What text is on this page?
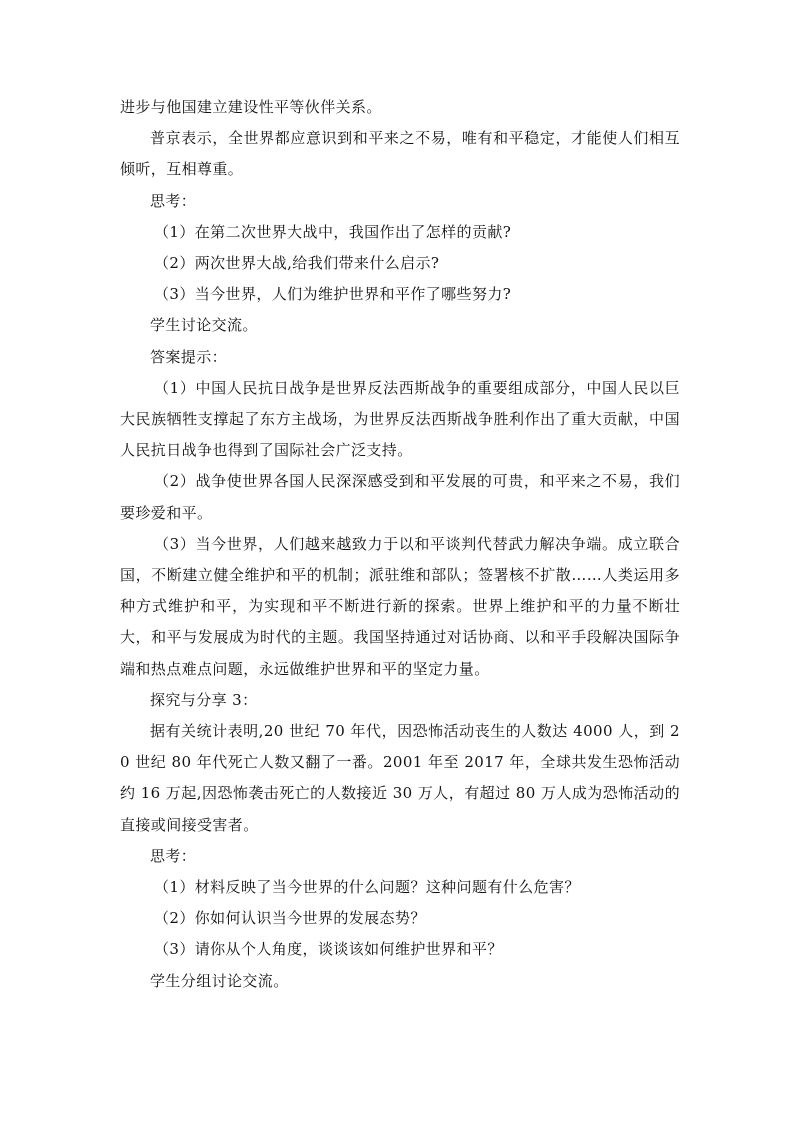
进步与他国建立建设性平等伙伴关系。

普京表示，全世界都应意识到和平来之不易，唯有和平稳定，才能使人们相互倾听，互相尊重。

思考：

（1）在第二次世界大战中，我国作出了怎样的贡献?

（2）两次世界大战,给我们带来什么启示?

（3）当今世界，人们为维护世界和平作了哪些努力?

学生讨论交流。

答案提示：

（1）中国人民抗日战争是世界反法西斯战争的重要组成部分，中国人民以巨大民族牺牲支撑起了东方主战场，为世界反法西斯战争胜利作出了重大贡献，中国人民抗日战争也得到了国际社会广泛支持。

（2）战争使世界各国人民深深感受到和平发展的可贵，和平来之不易，我们要珍爱和平。

（3）当今世界，人们越来越致力于以和平谈判代替武力解决争端。成立联合国，不断建立健全维护和平的机制；派驻维和部队；签署核不扩散……人类运用多种方式维护和平，为实现和平不断进行新的探索。世界上维护和平的力量不断壮大，和平与发展成为时代的主题。我国坚持通过对话协商、以和平手段解决国际争端和热点难点问题，永远做维护世界和平的坚定力量。

探究与分享 3：

据有关统计表明,20 世纪 70 年代，因恐怖活动丧生的人数达 4000 人，到 20 世纪 80 年代死亡人数又翻了一番。2001 年至 2017 年，全球共发生恐怖活动约 16 万起,因恐怖袭击死亡的人数接近 30 万人，有超过 80 万人成为恐怖活动的直接或间接受害者。

思考：

（1）材料反映了当今世界的什么问题？这种问题有什么危害？

（2）你如何认识当今世界的发展态势？

（3）请你从个人角度，谈谈该如何维护世界和平？

学生分组讨论交流。
